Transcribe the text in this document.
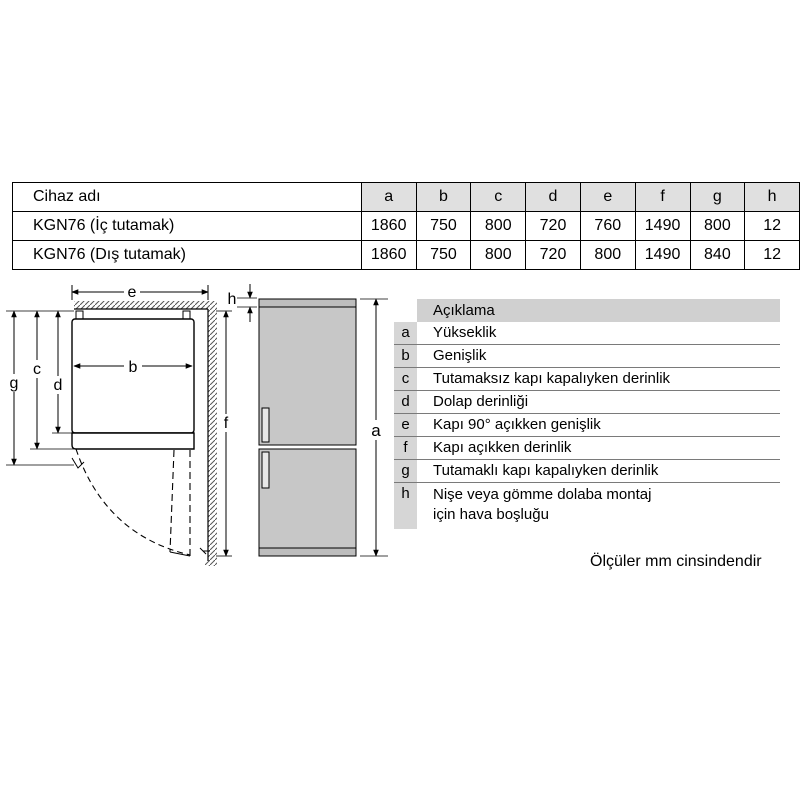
Cihaz adı	a	b	c	d	e	f	g	h
KGN76 (İç tutamak)	1860	750	800	720	760	1490	800	12
KGN76 (Dış tutamak)	1860	750	800	720	800	1490	840	12
e
b
g
c
d
f
h
a
Açıklama
a	Yükseklik
b	Genişlik
c	Tutamaksız kapı kapalıyken derinlik
d	Dolap derinliği
e	Kapı 90° açıkken genişlik
f	Kapı açıkken derinlik
g	Tutamaklı kapı kapalıyken derinlik
h	Nişe veya gömme dolaba montaj
için hava boşluğu
Ölçüler mm cinsindendir
